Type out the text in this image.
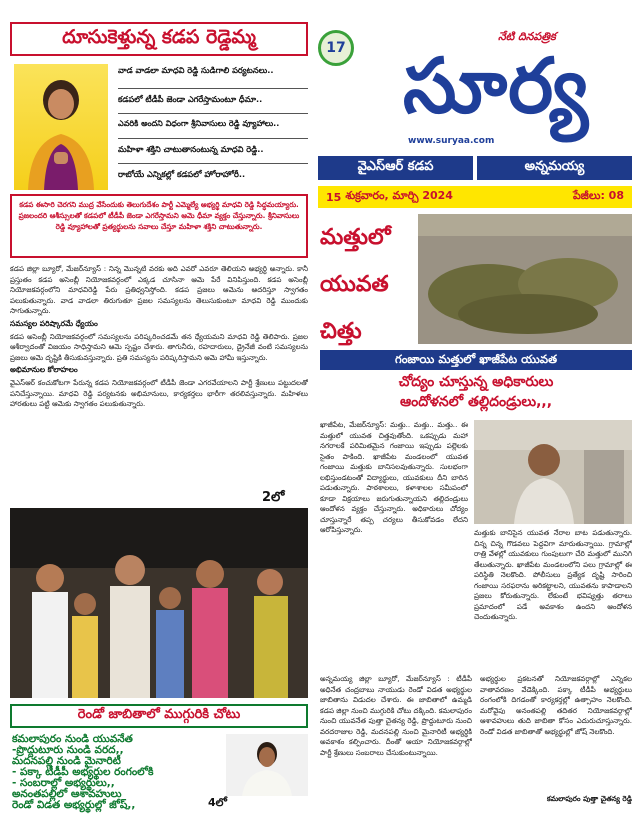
దూసుకెళ్తున్న కడప రెడ్డెమ్మ
వాడ వాడలా మాధవి రెడ్డి సుడిగాలి పర్యటనలు..
కడపలో టీడీపీ జెండా ఎగరేస్తామంటూ ధీమా..
ఎవరికి అందని విధంగా శ్రీనివాసులు రెడ్డి వ్యూహాలు..
మహిళా శక్తిని చాటుతానంటున్న మాధవి రెడ్డి..
రాబోయే ఎన్నికల్లో కడపలో హోరాహోరీ..
కడప ఈసారి చెరగని ముద్ర వేసేందుకు తెలుగుదేశం పార్టీ ఎమ్మెల్యే అభ్యర్థి మాధవి రెడ్డి సిద్ధమయ్యారు. ప్రజలందరి ఆశీస్సులతో కడపలో టీడీపీ జెండా ఎగరేస్తామని ఆమె ధీమా వ్యక్తం చేస్తున్నారు. శ్రీనివాసులు రెడ్డి వ్యూహాలతో ప్రత్యర్థులను సవాలు చేస్తూ మహిళా శక్తిని చాటుతున్నారు.
17
నేటి దినపత్రిక
సూర్య
www.suryaa.com
వైఎస్ఆర్ కడప	అన్నమయ్య
15 శుక్రవారం, మార్చి 2024	పేజీలు: 08

కడప జిల్లా బ్యూరో, మేజర్‌న్యూస్ : నిన్న మొన్నటి వరకు అది ఎవరో ఎవరూ తెలియని అభ్యర్థి అన్నారు. కానీ ప్రస్తుతం కడప అసెంబ్లీ నియోజకవర్గంలో ఎక్కడ చూసినా ఆమె పేరే వినిపిస్తుంది. కడప అసెంబ్లీ నియోజకవర్గంలోని మాధవిరెడ్డి పేరు ప్రతిధ్వనిస్తోంది. కడప ప్రజలు ఆమెను ఆదరిస్తూ స్వాగతం పలుకుతున్నారు. వాడ వాడలా తిరుగుతూ ప్రజల సమస్యలను తెలుసుకుంటూ మాధవి రెడ్డి ముందుకు సాగుతున్నారు.

సమస్యల పరిష్కారమే ధ్యేయం

కడప అసెంబ్లీ నియోజకవర్గంలో సమస్యలను పరిష్కరించడమే తన ధ్యేయమని మాధవి రెడ్డి తెలిపారు. ప్రజల ఆశీర్వాదంతో విజయం సాధిస్తామని ఆమె స్పష్టం చేశారు. తాగునీరు, రహదారులు, డ్రైనేజీ వంటి సమస్యలను ప్రజలు ఆమె దృష్టికి తీసుకువస్తున్నారు. ప్రతి సమస్యను పరిష్కరిస్తామని ఆమె హామీ ఇస్తున్నారు.

అభిమానుల కోలాహలం

వైఎస్ఆర్ కంచుకోటగా పేరున్న కడప నియోజకవర్గంలో టీడీపీ జెండా ఎగరవేయాలని పార్టీ శ్రేణులు పట్టుదలతో పనిచేస్తున్నాయి. మాధవి రెడ్డి పర్యటనకు అభిమానులు, కార్యకర్తలు భారీగా తరలివస్తున్నారు. మహిళలు హారతులు పట్టి ఆమెకు స్వాగతం పలుకుతున్నారు.

2లో
మత్తులో
యువత
చిత్తు
గంజాయి మత్తులో ఖాజీపేట యువత
చోద్యం చూస్తున్న అధికారులు
ఆందోళనలో తల్లిదండ్రులు,,,

ఖాజీపేట, మేజర్‌న్యూస్: మత్తు.. మత్తు.. మత్తు.. ఈ మత్తులో యువత చిత్తవుతోంది. ఒకప్పుడు మహా నగరాలకే పరిమితమైన గంజాయి ఇప్పుడు పల్లెలకు సైతం పాకింది. ఖాజీపేట మండలంలో యువత గంజాయి మత్తుకు బానిసలవుతున్నారు. సులభంగా లభిస్తుండటంతో విద్యార్థులు, యువకులు దీని బారిన పడుతున్నారు. పాఠశాలలు, కళాశాలల సమీపంలో కూడా విక్రయాలు జరుగుతున్నాయని తల్లిదండ్రులు ఆందోళన వ్యక్తం చేస్తున్నారు. అధికారులు చోద్యం చూస్తున్నారే తప్ప చర్యలు తీసుకోవడం లేదని ఆరోపిస్తున్నారు.	మత్తుకు బానిసైన యువత నేరాల బాట పడుతున్నారు. చిన్న చిన్న గొడవలు పెద్దవిగా మారుతున్నాయి. గ్రామాల్లో రాత్రి వేళల్లో యువకులు గుంపులుగా చేరి మత్తులో మునిగి తేలుతున్నారు. ఖాజీపేట మండలంలోని పలు గ్రామాల్లో ఈ పరిస్థితి నెలకొంది. పోలీసులు ప్రత్యేక దృష్టి సారించి గంజాయి సరఫరాను అరికట్టాలని, యువతను కాపాడాలని ప్రజలు కోరుతున్నారు. లేకుంటే భవిష్యత్తు తరాలు ప్రమాదంలో పడే అవకాశం ఉందని ఆందోళన చెందుతున్నారు.

రెండో జాబితాలో ముగ్గురికి చోటు
కమలాపురం నుండి యువనేత
-ప్రొద్దుటూరు నుండి వరద,,
మదనపల్లి నుండి మైనారిటీ
- పక్కా టీడీపీ అభ్యర్థుల రంగంలోకి
- సంబరాల్లో అభ్యర్థులు,,
అనంతపల్లిలో ఆశావహులు
రెండో విడత అభ్యర్థుల్లో జోష్,,	4లో

అన్నమయ్య జిల్లా బ్యూరో, మేజర్‌న్యూస్ : టీడీపీ అధినేత చంద్రబాబు నాయుడు రెండో విడత అభ్యర్థుల జాబితాను విడుదల చేశారు. ఈ జాబితాలో ఉమ్మడి కడప జిల్లా నుంచి ముగ్గురికి చోటు దక్కింది. కమలాపురం నుంచి యువనేత పుత్తా చైతన్య రెడ్డి, ప్రొద్దుటూరు నుంచి వరదరాజుల రెడ్డి, మదనపల్లి నుంచి మైనారిటీ అభ్యర్థికి అవకాశం కల్పించారు. దీంతో ఆయా నియోజకవర్గాల్లో పార్టీ శ్రేణులు సంబరాలు చేసుకుంటున్నాయి.

అభ్యర్థుల ప్రకటనతో నియోజకవర్గాల్లో ఎన్నికల వాతావరణం వేడెక్కింది. పక్కా టీడీపీ అభ్యర్థులు రంగంలోకి దిగడంతో కార్యకర్తల్లో ఉత్సాహం నెలకొంది. మరోవైపు అనంతపల్లి తదితర నియోజకవర్గాల్లో ఆశావహులు తుది జాబితా కోసం ఎదురుచూస్తున్నారు. రెండో విడత జాబితాతో అభ్యర్థుల్లో జోష్ నెలకొంది.

కమలాపురం పుత్తా చైతన్య రెడ్డి
